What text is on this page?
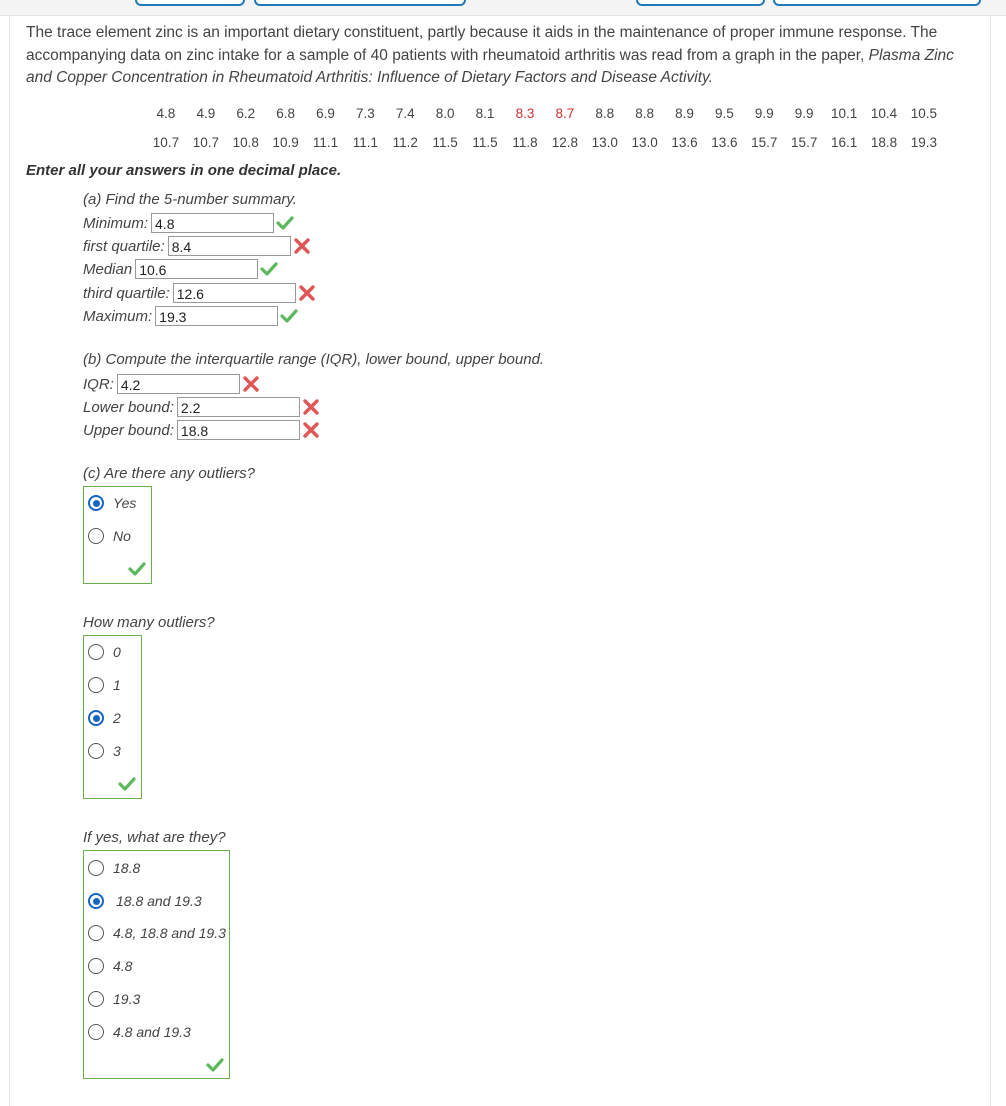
The trace element zinc is an important dietary constituent, partly because it aids in the maintenance of proper immune response. The accompanying data on zinc intake for a sample of 40 patients with rheumatoid arthritis was read from a graph in the paper, Plasma Zinc and Copper Concentration in Rheumatoid Arthritis: Influence of Dietary Factors and Disease Activity.
4.8	4.9	6.2	6.8	6.9	7.3	7.4	8.0	8.1	8.3	8.7	8.8	8.8	8.9	9.5	9.9	9.9	10.1	10.4	10.5
10.7	10.7	10.8	10.9	11.1	11.1	11.2	11.5	11.5	11.8	12.8	13.0	13.0	13.6	13.6	15.7	15.7	16.1	18.8	19.3
Enter all your answers in one decimal place.
(a) Find the 5-number summary.
Minimum: 4.8
first quartile: 8.4
Median 10.6
third quartile: 12.6
Maximum: 19.3
(b) Compute the interquartile range (IQR), lower bound, upper bound.
IQR: 4.2
Lower bound: 2.2
Upper bound: 18.8
(c) Are there any outliers?
Yes
No
How many outliers?
0
1
2
3
If yes, what are they?
18.8
18.8 and 19.3
4.8, 18.8 and 19.3
4.8
19.3
4.8 and 19.3
